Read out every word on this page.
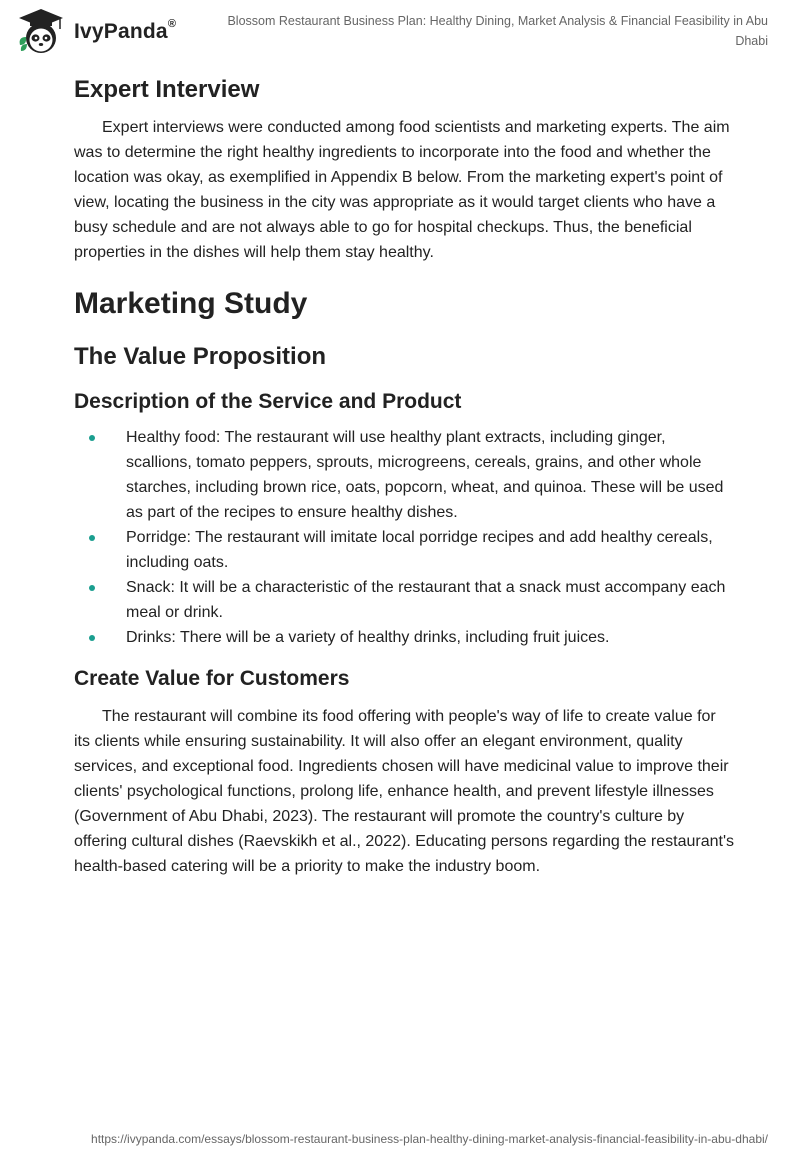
IvyPanda®	Blossom Restaurant Business Plan: Healthy Dining, Market Analysis & Financial Feasibility in Abu Dhabi
Expert Interview

Expert interviews were conducted among food scientists and marketing experts. The aim was to determine the right healthy ingredients to incorporate into the food and whether the location was okay, as exemplified in Appendix B below. From the marketing expert's point of view, locating the business in the city was appropriate as it would target clients who have a busy schedule and are not always able to go for hospital checkups. Thus, the beneficial properties in the dishes will help them stay healthy.

Marketing Study
The Value Proposition
Description of the Service and Product
Healthy food: The restaurant will use healthy plant extracts, including ginger, scallions, tomato peppers, sprouts, microgreens, cereals, grains, and other whole starches, including brown rice, oats, popcorn, wheat, and quinoa. These will be used as part of the recipes to ensure healthy dishes.
Porridge: The restaurant will imitate local porridge recipes and add healthy cereals, including oats.
Snack: It will be a characteristic of the restaurant that a snack must accompany each meal or drink.
Drinks: There will be a variety of healthy drinks, including fruit juices.
Create Value for Customers

The restaurant will combine its food offering with people's way of life to create value for its clients while ensuring sustainability. It will also offer an elegant environment, quality services, and exceptional food. Ingredients chosen will have medicinal value to improve their clients' psychological functions, prolong life, enhance health, and prevent lifestyle illnesses (Government of Abu Dhabi, 2023). The restaurant will promote the country's culture by offering cultural dishes (Raevskikh et al., 2022). Educating persons regarding the restaurant's health-based catering will be a priority to make the industry boom.

https://ivypanda.com/essays/blossom-restaurant-business-plan-healthy-dining-market-analysis-financial-feasibility-in-abu-dhabi/
